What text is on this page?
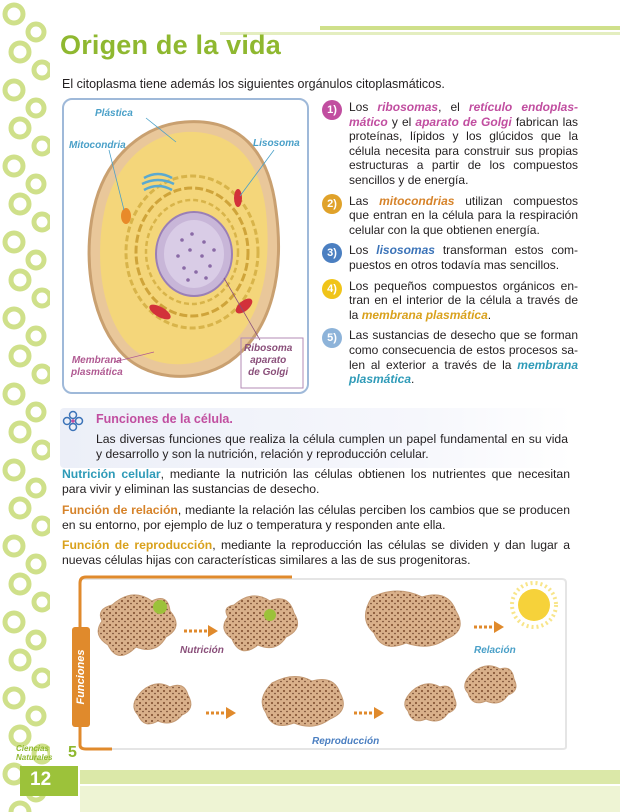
Origen de la vida

El citoplasma tiene además los siguientes orgánulos citoplasmáticos.

Plástica
Mitocondria	Lisosoma
Membrana
plasmática
Ribosoma
aparato
de Golgi
1)	Los ribosomas, el retículo endoplasmático y el aparato de Golgi fabrican las proteínas, lípidos y los glúcidos que la célula necesita para construir sus propias estructuras a partir de los compuestos sencillos y de energía.
2)	Las mitocondrias utilizan compuestos que entran en la célula para la respiración celular con la que obtienen energía.
3)	Los lisosomas transforman estos compuestos en otros todavía mas sencillos.
4)	Los pequeños compuestos orgánicos entran en el interior de la célula a través de la membrana plasmática.
5)	Las sustancias de desecho que se forman como consecuencia de estos procesos salen al exterior a través de la membrana plasmática.
Funciones de la célula.

Las diversas funciones que realiza la célula cumplen un papel fundamental en su vida y desarrollo y son la nutrición, relación y reproducción celular.

Nutrición celular, mediante la nutrición las células obtienen los nutrientes que necesitan para vivir y eliminan las sustancias de desecho.

Función de relación, mediante la relación las células perciben los cambios que se producen en su entorno, por ejemplo de luz o temperatura y responden ante ella.

Función de reproducción, mediante la reproducción las células se dividen y dan lugar a nuevas células hijas con características similares a las de sus progenitoras.

Funciones	Nutrición	Relación
Reproducción
12
Ciencias
Naturales 5
